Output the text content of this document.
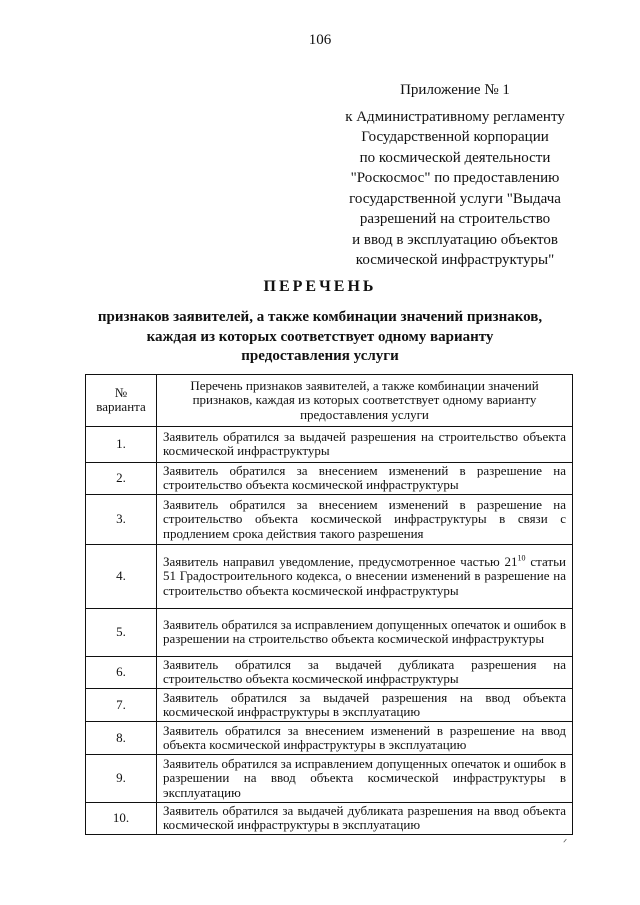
106
Приложение № 1
к Административному регламенту
Государственной корпорации
по космической деятельности
"Роскосмос" по предоставлению
государственной услуги "Выдача
разрешений на строительство
и ввод в эксплуатацию объектов
космической инфраструктуры"
ПЕРЕЧЕНЬ
признаков заявителей, а также комбинации значений признаков,
каждая из которых соответствует одному варианту
предоставления услуги
№ варианта	Перечень признаков заявителей, а также комбинации значений признаков, каждая из которых соответствует одному варианту предоставления услуги
1.	Заявитель обратился за выдачей разрешения на строительство объекта космической инфраструктуры
2.	Заявитель обратился за внесением изменений в разрешение на строительство объекта космической инфраструктуры
3.	Заявитель обратился за внесением изменений в разрешение на строительство объекта космической инфраструктуры в связи с продлением срока действия такого разрешения
4.	Заявитель направил уведомление, предусмотренное частью $21^{10}$ статьи 51 Градостроительного кодекса, о внесении изменений в разрешение на строительство объекта космической инфраструктуры
5.	Заявитель обратился за исправлением допущенных опечаток и ошибок в разрешении на строительство объекта космической инфраструктуры
6.	Заявитель обратился за выдачей дубликата разрешения на строительство объекта космической инфраструктуры
7.	Заявитель обратился за выдачей разрешения на ввод объекта космической инфраструктуры в эксплуатацию
8.	Заявитель обратился за внесением изменений в разрешение на ввод объекта космической инфраструктуры в эксплуатацию
9.	Заявитель обратился за исправлением допущенных опечаток и ошибок в разрешении на ввод объекта космической инфраструктуры в эксплуатацию
10.	Заявитель обратился за выдачей дубликата разрешения на ввод объекта космической инфраструктуры в эксплуатацию
ᐟ
